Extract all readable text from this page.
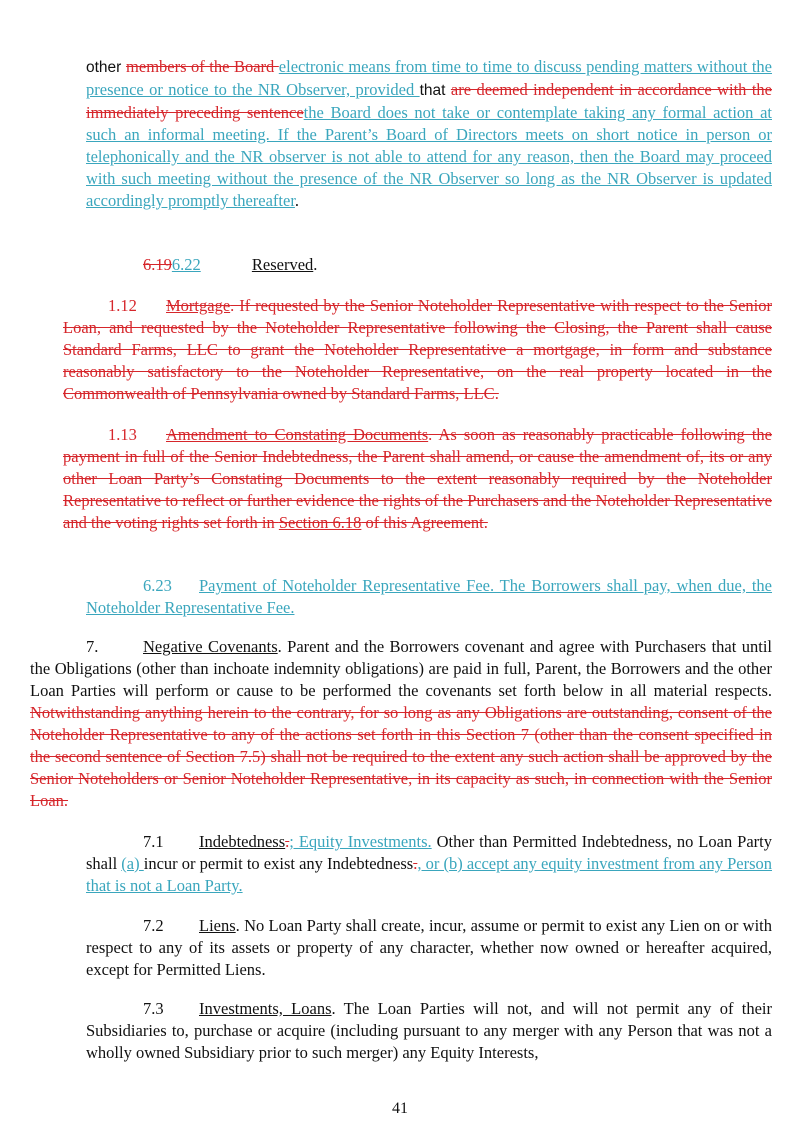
other members of the Board electronic means from time to time to discuss pending matters without the presence or notice to the NR Observer, provided that are deemed independent in accordance with the immediately preceding sentencethe Board does not take or contemplate taking any formal action at such an informal meeting. If the Parent’s Board of Directors meets on short notice in person or telephonically and the NR observer is not able to attend for any reason, then the Board may proceed with such meeting without the presence of the NR Observer so long as the NR Observer is updated accordingly promptly thereafter.
6.196.22	Reserved.
1.12 Mortgage. If requested by the Senior Noteholder Representative with respect to the Senior Loan, and requested by the Noteholder Representative following the Closing, the Parent shall cause Standard Farms, LLC to grant the Noteholder Representative a mortgage, in form and substance reasonably satisfactory to the Noteholder Representative, on the real property located in the Commonwealth of Pennsylvania owned by Standard Farms, LLC.
1.13 Amendment to Constating Documents. As soon as reasonably practicable following the payment in full of the Senior Indebtedness, the Parent shall amend, or cause the amendment of, its or any other Loan Party’s Constating Documents to the extent reasonably required by the Noteholder Representative to reflect or further evidence the rights of the Purchasers and the Noteholder Representative and the voting rights set forth in Section 6.18 of this Agreement.
6.23 Payment of Noteholder Representative Fee. The Borrowers shall pay, when due, the Noteholder Representative Fee.
7.	Negative Covenants. Parent and the Borrowers covenant and agree with Purchasers that until the Obligations (other than inchoate indemnity obligations) are paid in full, Parent, the Borrowers and the other Loan Parties will perform or cause to be performed the covenants set forth below in all material respects. Notwithstanding anything herein to the contrary, for so long as any Obligations are outstanding, consent of the Noteholder Representative to any of the actions set forth in this Section 7 (other than the consent specified in the second sentence of Section 7.5) shall not be required to the extent any such action shall be approved by the Senior Noteholders or Senior Noteholder Representative, in its capacity as such, in connection with the Senior Loan.
7.1 Indebtedness.; Equity Investments. Other than Permitted Indebtedness, no Loan Party shall (a) incur or permit to exist any Indebtedness., or (b) accept any equity investment from any Person that is not a Loan Party.
7.2 Liens. No Loan Party shall create, incur, assume or permit to exist any Lien on or with respect to any of its assets or property of any character, whether now owned or hereafter acquired, except for Permitted Liens.
7.3 Investments, Loans. The Loan Parties will not, and will not permit any of their Subsidiaries to, purchase or acquire (including pursuant to any merger with any Person that was not a wholly owned Subsidiary prior to such merger) any Equity Interests,
41
